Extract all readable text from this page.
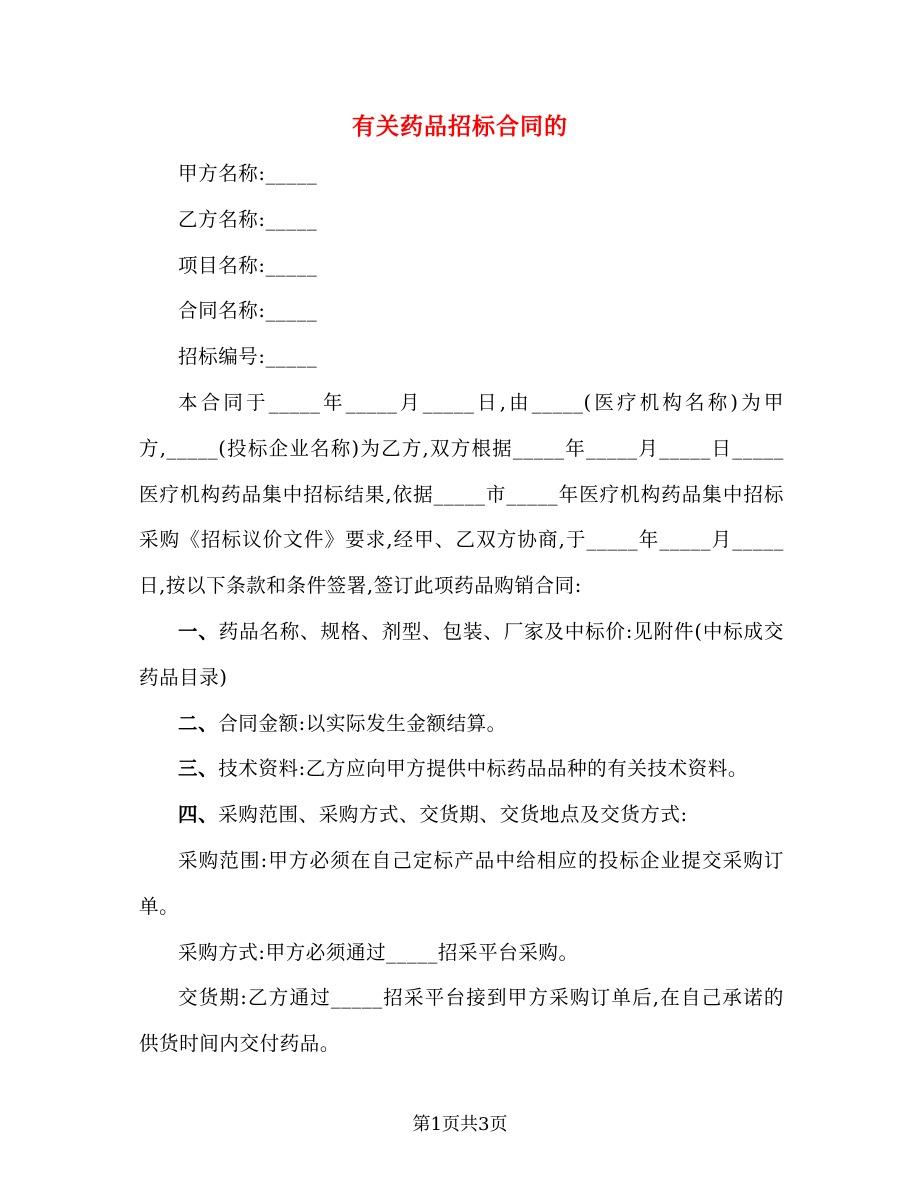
有关药品招标合同的

甲方名称:_____

乙方名称:_____

项目名称:_____

合同名称:_____

招标编号:_____

本合同于_____年_____月_____日,由_____(医疗机构名称)为甲方,_____(投标企业名称)为乙方,双方根据_____年_____月_____日_____医疗机构药品集中招标结果,依据_____市_____年医疗机构药品集中招标采购《招标议价文件》要求,经甲、乙双方协商,于_____年_____月_____日,按以下条款和条件签署,签订此项药品购销合同:

一、药品名称、规格、剂型、包装、厂家及中标价:见附件(中标成交药品目录)

二、合同金额:以实际发生金额结算。

三、技术资料:乙方应向甲方提供中标药品品种的有关技术资料。

四、采购范围、采购方式、交货期、交货地点及交货方式:

采购范围:甲方必须在自己定标产品中给相应的投标企业提交采购订单。

采购方式:甲方必须通过_____招采平台采购。

交货期:乙方通过_____招采平台接到甲方采购订单后,在自己承诺的供货时间内交付药品。

第1页共3页
